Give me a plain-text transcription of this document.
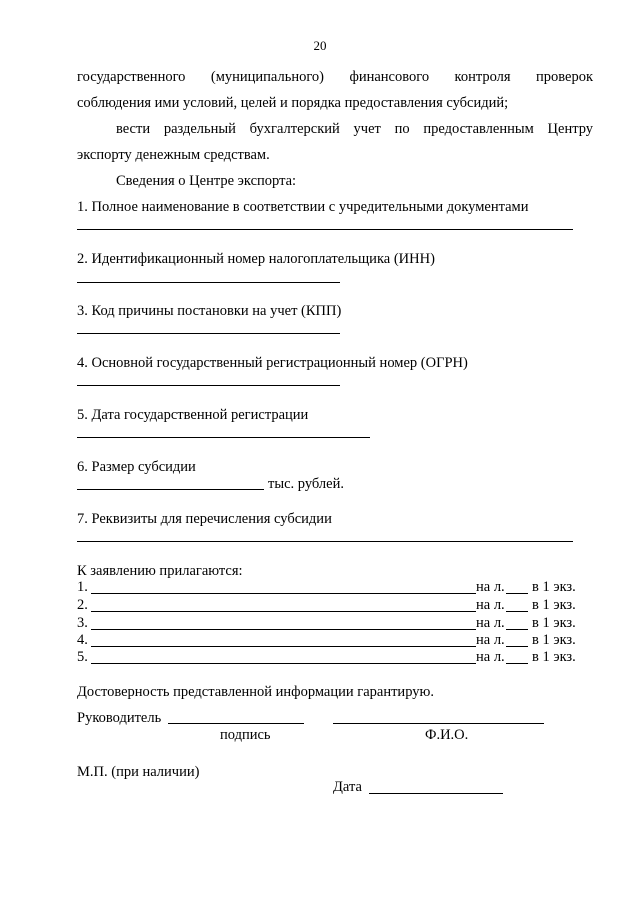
20
государственного (муниципального) финансового контроля проверок
соблюдения ими условий, целей и порядка предоставления субсидий;
вести раздельный бухгалтерский учет по предоставленным Центру
экспорту денежным средствам.
Сведения о Центре экспорта:
1. Полное наименование в соответствии с учредительными документами
2. Идентификационный номер налогоплательщика (ИНН)
3. Код причины постановки на учет (КПП)
4. Основной государственный регистрационный номер (ОГРН)
5. Дата государственной регистрации
6. Размер субсидии
тыс. рублей.
7. Реквизиты для перечисления субсидии
К заявлению прилагаются:
1.	на л. в 1 экз.
2.	на л. в 1 экз.
3.	на л. в 1 экз.
4.	на л. в 1 экз.
5.	на л. в 1 экз.
Достоверность представленной информации гарантирую.
Руководитель
подпись	Ф.И.О.
М.П. (при наличии)
Дата
